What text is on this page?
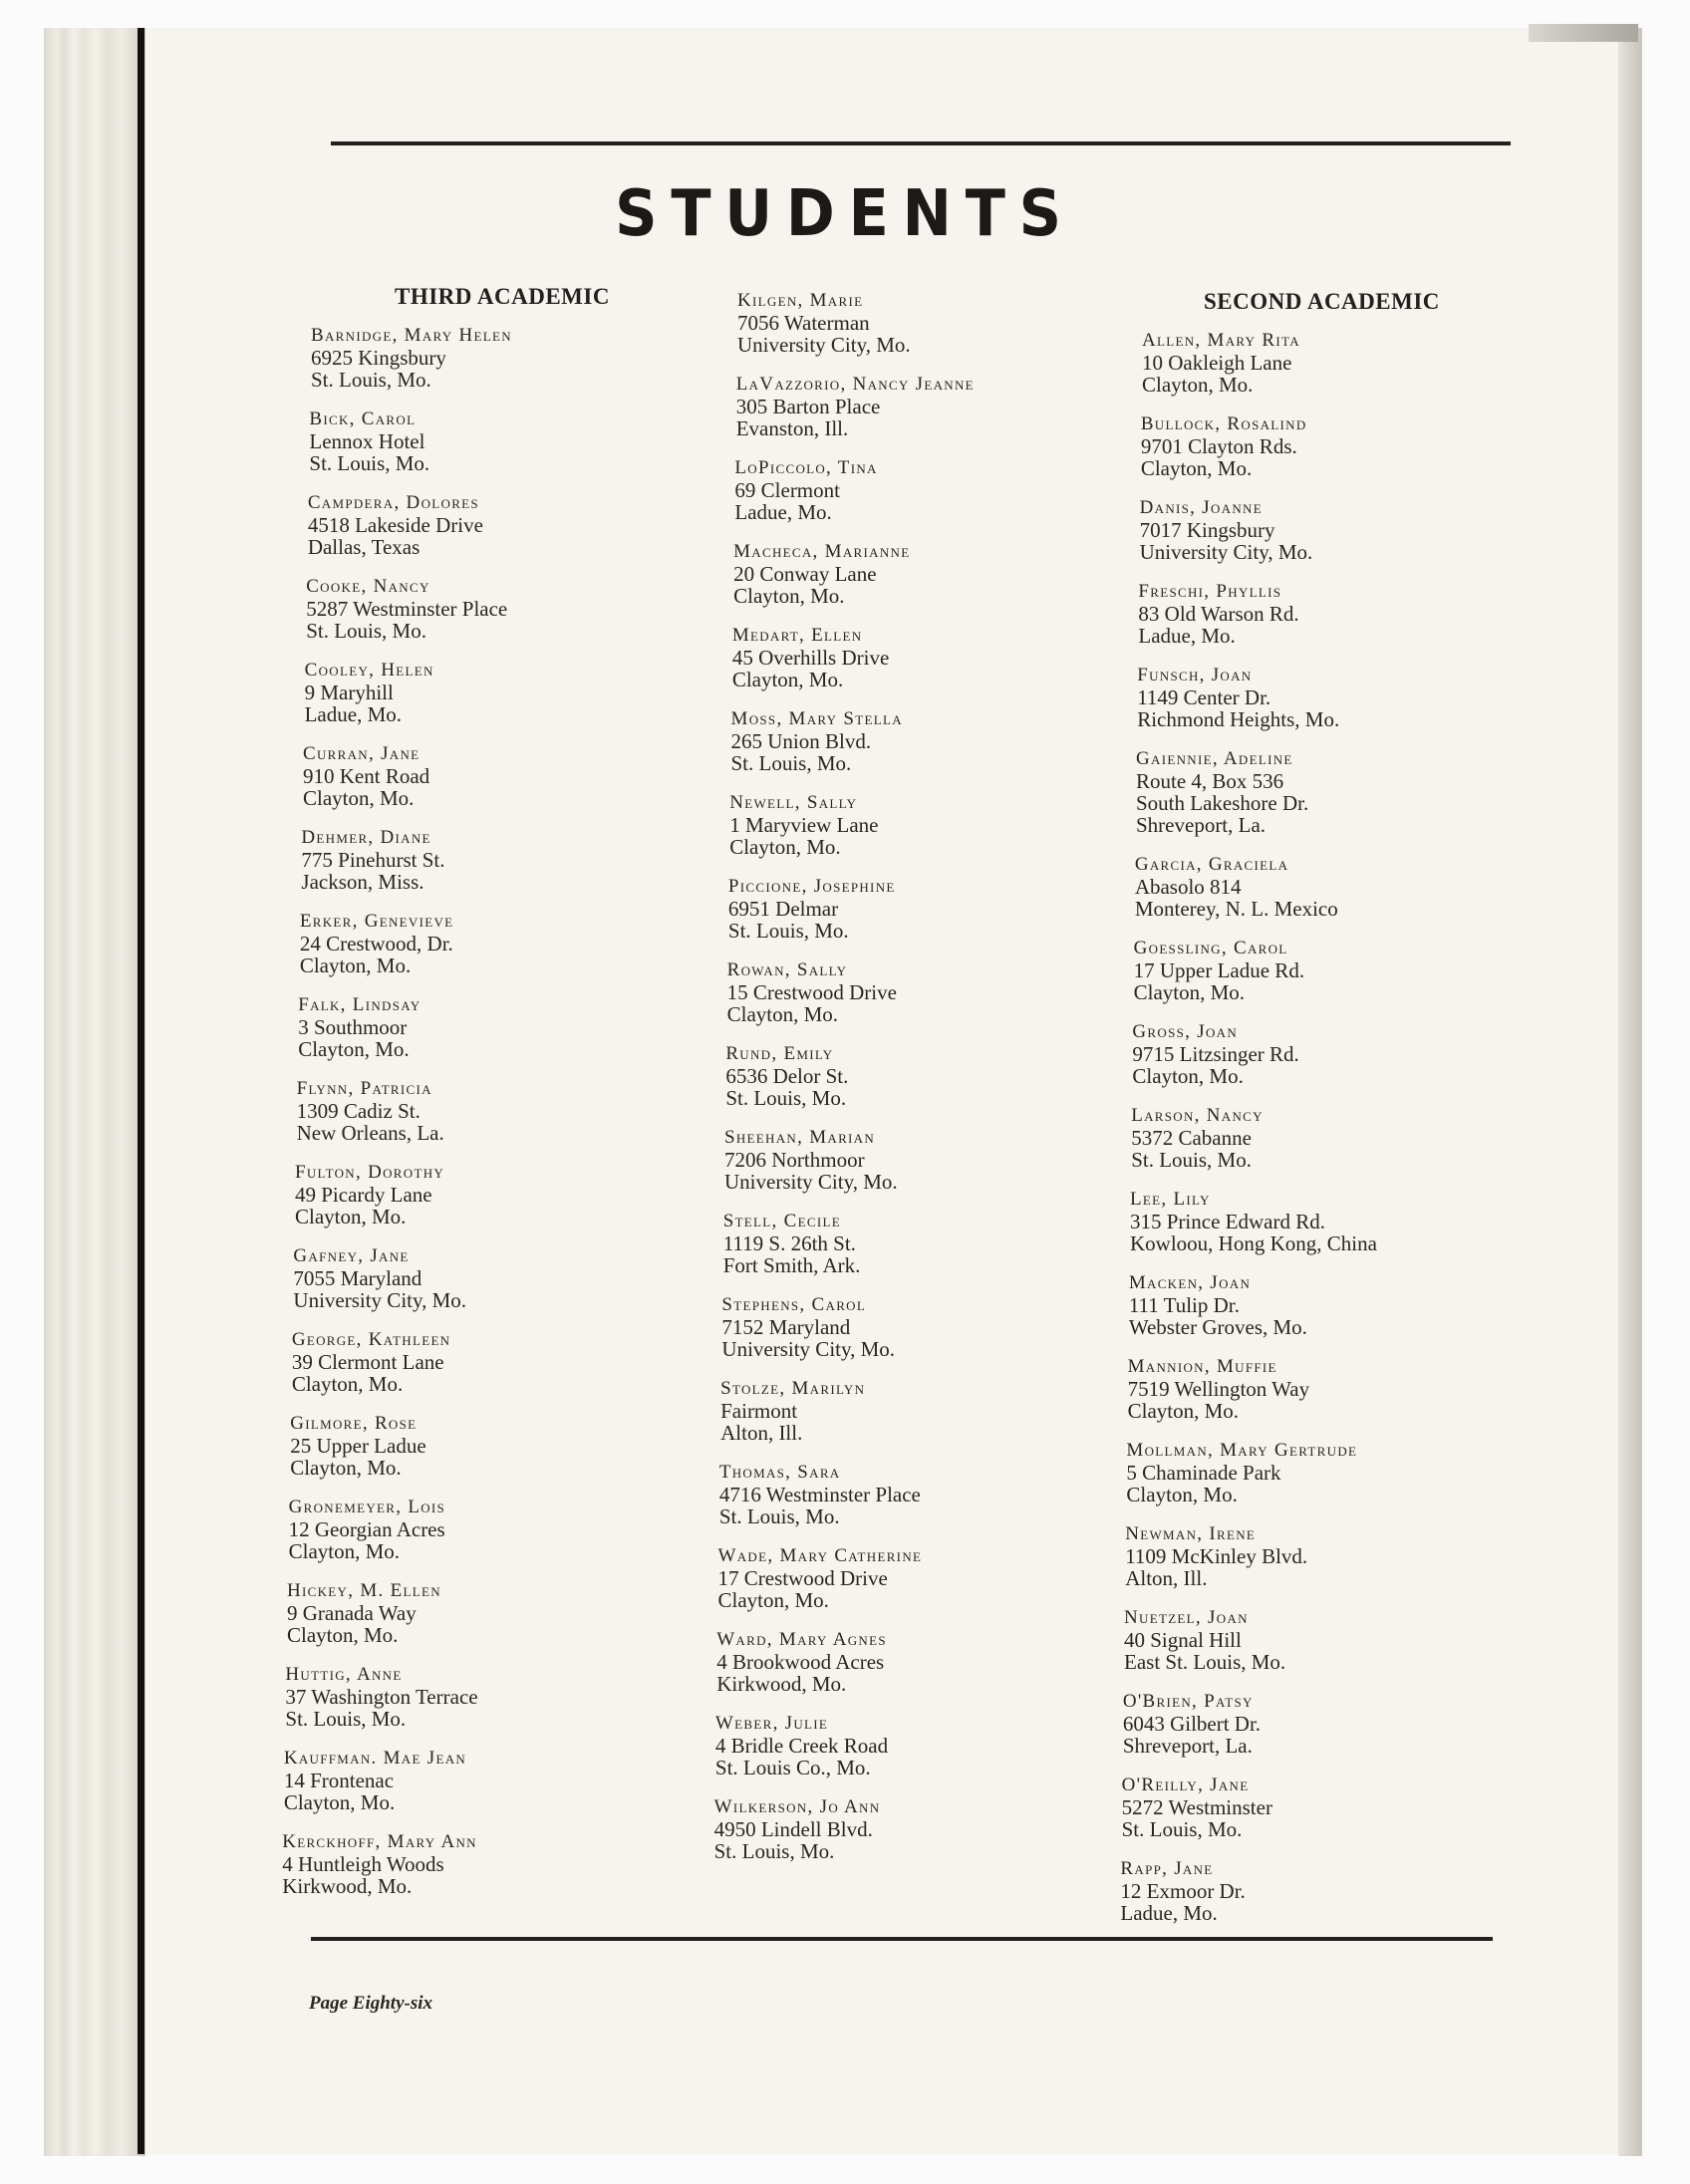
STUDENTS
THIRD ACADEMIC
Barnidge, Mary Helen
6925 Kingsbury
St. Louis, Mo.
Bick, Carol
Lennox Hotel
St. Louis, Mo.
Campdera, Dolores
4518 Lakeside Drive
Dallas, Texas
Cooke, Nancy
5287 Westminster Place
St. Louis, Mo.
Cooley, Helen
9 Maryhill
Ladue, Mo.
Curran, Jane
910 Kent Road
Clayton, Mo.
Dehmer, Diane
775 Pinehurst St.
Jackson, Miss.
Erker, Genevieve
24 Crestwood, Dr.
Clayton, Mo.
Falk, Lindsay
3 Southmoor
Clayton, Mo.
Flynn, Patricia
1309 Cadiz St.
New Orleans, La.
Fulton, Dorothy
49 Picardy Lane
Clayton, Mo.
Gafney, Jane
7055 Maryland
University City, Mo.
George, Kathleen
39 Clermont Lane
Clayton, Mo.
Gilmore, Rose
25 Upper Ladue
Clayton, Mo.
Gronemeyer, Lois
12 Georgian Acres
Clayton, Mo.
Hickey, M. Ellen
9 Granada Way
Clayton, Mo.
Huttig, Anne
37 Washington Terrace
St. Louis, Mo.
Kauffman. Mae Jean
14 Frontenac
Clayton, Mo.
Kerckhoff, Mary Ann
4 Huntleigh Woods
Kirkwood, Mo.
Kilgen, Marie
7056 Waterman
University City, Mo.
LaVazzorio, Nancy Jeanne
305 Barton Place
Evanston, Ill.
LoPiccolo, Tina
69 Clermont
Ladue, Mo.
Macheca, Marianne
20 Conway Lane
Clayton, Mo.
Medart, Ellen
45 Overhills Drive
Clayton, Mo.
Moss, Mary Stella
265 Union Blvd.
St. Louis, Mo.
Newell, Sally
1 Maryview Lane
Clayton, Mo.
Piccione, Josephine
6951 Delmar
St. Louis, Mo.
Rowan, Sally
15 Crestwood Drive
Clayton, Mo.
Rund, Emily
6536 Delor St.
St. Louis, Mo.
Sheehan, Marian
7206 Northmoor
University City, Mo.
Stell, Cecile
1119 S. 26th St.
Fort Smith, Ark.
Stephens, Carol
7152 Maryland
University City, Mo.
Stolze, Marilyn
Fairmont
Alton, Ill.
Thomas, Sara
4716 Westminster Place
St. Louis, Mo.
Wade, Mary Catherine
17 Crestwood Drive
Clayton, Mo.
Ward, Mary Agnes
4 Brookwood Acres
Kirkwood, Mo.
Weber, Julie
4 Bridle Creek Road
St. Louis Co., Mo.
Wilkerson, Jo Ann
4950 Lindell Blvd.
St. Louis, Mo.
SECOND ACADEMIC
Allen, Mary Rita
10 Oakleigh Lane
Clayton, Mo.
Bullock, Rosalind
9701 Clayton Rds.
Clayton, Mo.
Danis, Joanne
7017 Kingsbury
University City, Mo.
Freschi, Phyllis
83 Old Warson Rd.
Ladue, Mo.
Funsch, Joan
1149 Center Dr.
Richmond Heights, Mo.
Gaiennie, Adeline
Route 4, Box 536
South Lakeshore Dr.
Shreveport, La.
Garcia, Graciela
Abasolo 814
Monterey, N. L. Mexico
Goessling, Carol
17 Upper Ladue Rd.
Clayton, Mo.
Gross, Joan
9715 Litzsinger Rd.
Clayton, Mo.
Larson, Nancy
5372 Cabanne
St. Louis, Mo.
Lee, Lily
315 Prince Edward Rd.
Kowloou, Hong Kong, China
Macken, Joan
111 Tulip Dr.
Webster Groves, Mo.
Mannion, Muffie
7519 Wellington Way
Clayton, Mo.
Mollman, Mary Gertrude
5 Chaminade Park
Clayton, Mo.
Newman, Irene
1109 McKinley Blvd.
Alton, Ill.
Nuetzel, Joan
40 Signal Hill
East St. Louis, Mo.
O'Brien, Patsy
6043 Gilbert Dr.
Shreveport, La.
O'Reilly, Jane
5272 Westminster
St. Louis, Mo.
Rapp, Jane
12 Exmoor Dr.
Ladue, Mo.
Page Eighty-six
